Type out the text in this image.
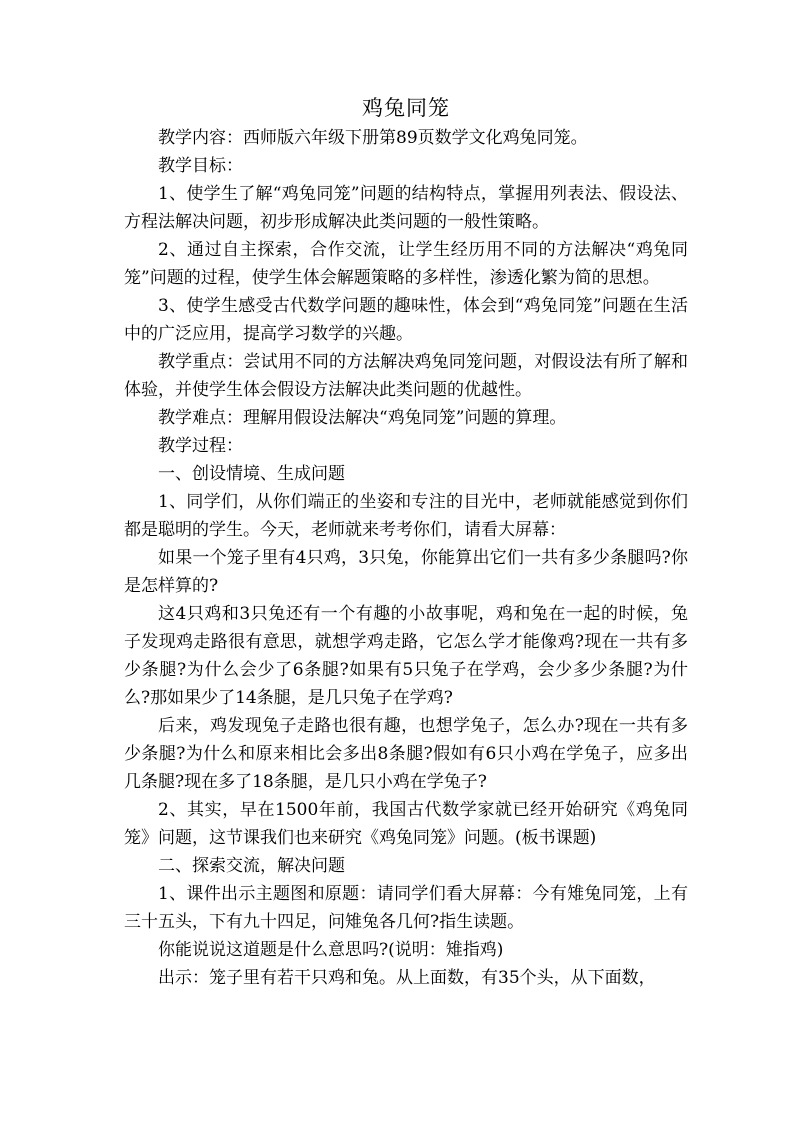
鸡兔同笼

教学内容：西师版六年级下册第89页数学文化鸡兔同笼。

教学目标：

1、使学生了解“鸡兔同笼”问题的结构特点，掌握用列表法、假设法、方程法解决问题，初步形成解决此类问题的一般性策略。

2、通过自主探索，合作交流，让学生经历用不同的方法解决“鸡兔同笼”问题的过程，使学生体会解题策略的多样性，渗透化繁为简的思想。

3、使学生感受古代数学问题的趣味性，体会到“鸡兔同笼”问题在生活中的广泛应用，提高学习数学的兴趣。

教学重点：尝试用不同的方法解决鸡兔同笼问题，对假设法有所了解和体验，并使学生体会假设方法解决此类问题的优越性。

教学难点：理解用假设法解决“鸡兔同笼”问题的算理。

教学过程：

一、创设情境、生成问题

1、同学们，从你们端正的坐姿和专注的目光中，老师就能感觉到你们都是聪明的学生。今天，老师就来考考你们，请看大屏幕：

如果一个笼子里有4只鸡，3只兔，你能算出它们一共有多少条腿吗?你是怎样算的?

这4只鸡和3只兔还有一个有趣的小故事呢，鸡和兔在一起的时候，兔子发现鸡走路很有意思，就想学鸡走路，它怎么学才能像鸡?现在一共有多少条腿?为什么会少了6条腿?如果有5只兔子在学鸡，会少多少条腿?为什么?那如果少了14条腿，是几只兔子在学鸡?

后来，鸡发现兔子走路也很有趣，也想学兔子，怎么办?现在一共有多少条腿?为什么和原来相比会多出8条腿?假如有6只小鸡在学兔子，应多出几条腿?现在多了18条腿，是几只小鸡在学兔子?

2、其实，早在1500年前，我国古代数学家就已经开始研究《鸡兔同笼》问题，这节课我们也来研究《鸡兔同笼》问题。(板书课题)

二、探索交流，解决问题

1、课件出示主题图和原题：请同学们看大屏幕：今有雉兔同笼，上有三十五头，下有九十四足，问雉兔各几何?指生读题。

你能说说这道题是什么意思吗?(说明：雉指鸡)

出示：笼子里有若干只鸡和兔。从上面数，有35个头，从下面数，
